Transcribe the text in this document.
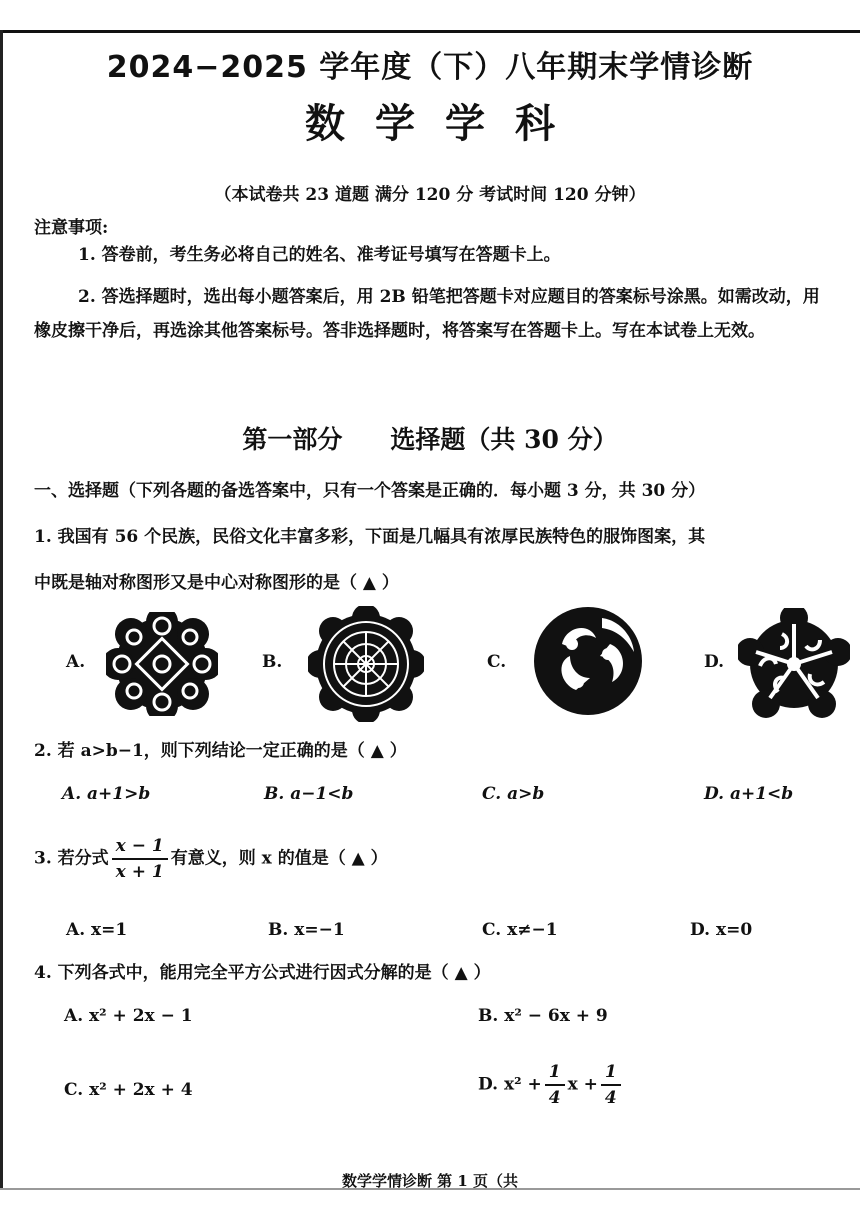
2024−2025 学年度（下）八年期末学情诊断
数学学科
（本试卷共 23 道题 满分 120 分 考试时间 120 分钟）
注意事项:
1. 答卷前，考生务必将自己的姓名、准考证号填写在答题卡上。
2. 答选择题时，选出每小题答案后，用 2B 铅笔把答题卡对应题目的答案标号涂黑。如需改动，用橡皮擦干净后，再选涂其他答案标号。答非选择题时，将答案写在答题卡上。写在本试卷上无效。
第一部分 选择题（共 30 分）
一、选择题（下列各题的备选答案中，只有一个答案是正确的．每小题 3 分，共 30 分）
1. 我国有 56 个民族，民俗文化丰富多彩，下面是几幅具有浓厚民族特色的服饰图案，其
中既是轴对称图形又是中心对称图形的是（ ▲ ）
A.	B.	C.	D.
2. 若 a>b−1，则下列结论一定正确的是（ ▲ ）
A. a+1>b	B. a−1<b	C. a>b	D. a+1<b
3. 若分式 $\frac{x - 1}{x + 1}$ 有意义，则 x 的值是（ ▲ ）
A. x=1	B. x=−1	C. x≠−1	D. x=0
4. 下列各式中，能用完全平方公式进行因式分解的是（ ▲ ）
A. x² + 2x − 1	B. x² − 6x + 9
C. x² + 2x + 4	D. $x^2 + \frac{1}{4}$ $x + \frac{1}{4}$
数学学情诊断 第 1 页（共
